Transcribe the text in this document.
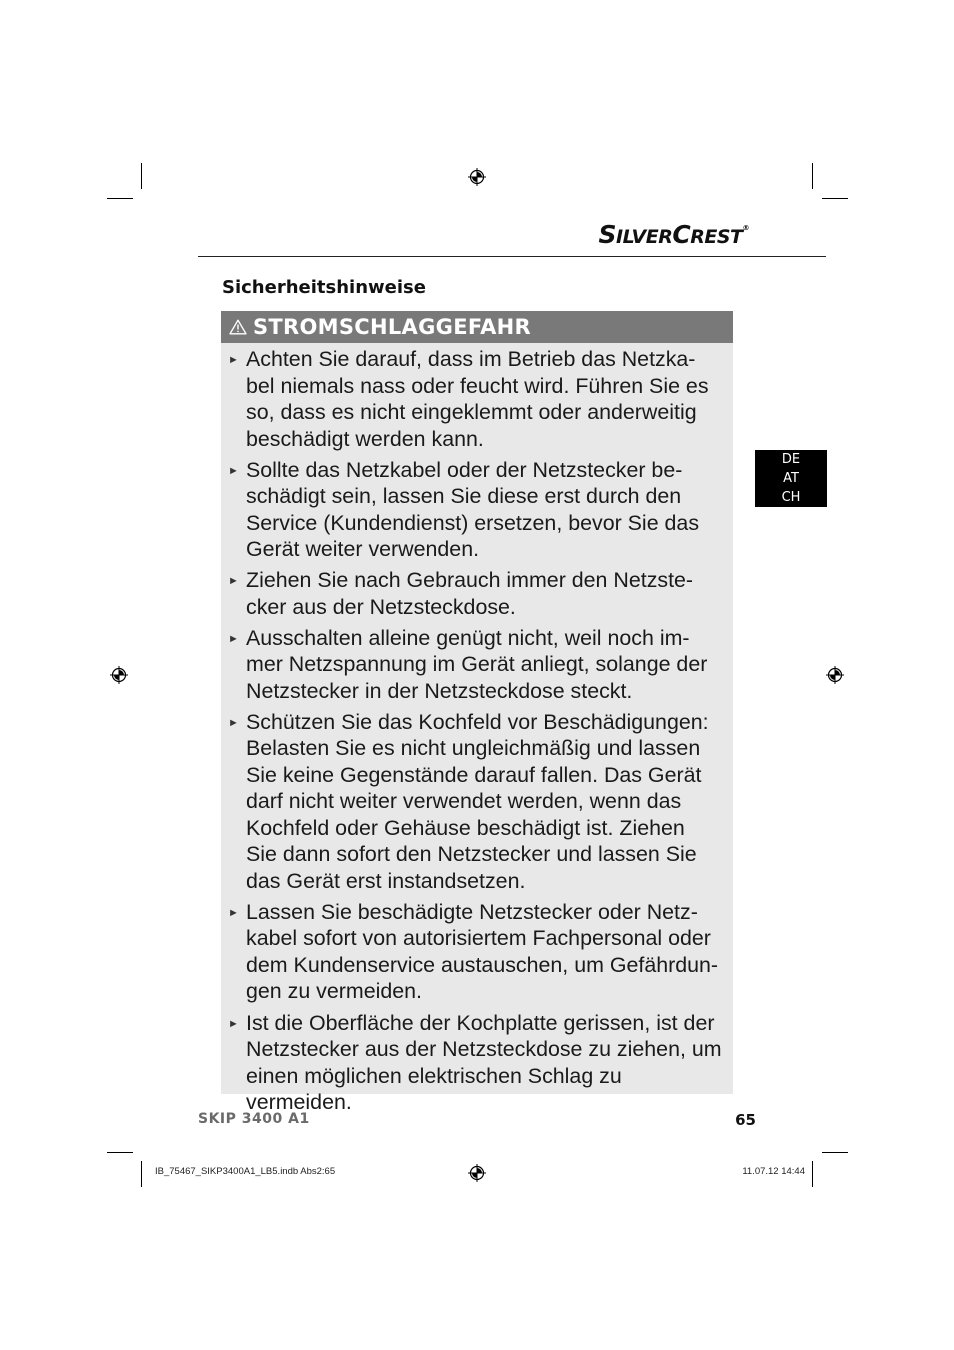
SILVERCREST®
Sicherheitshinweise
STROMSCHLAGGEFAHR
► Achten Sie darauf, dass im Betrieb das Netzka-
bel niemals nass oder feucht wird. Führen Sie es
so, dass es nicht eingeklemmt oder anderweitig
beschädigt werden kann.
► Sollte das Netzkabel oder der Netzstecker be-
schädigt sein, lassen Sie diese erst durch den
Service (Kundendienst) ersetzen, bevor Sie das
Gerät weiter verwenden.
► Ziehen Sie nach Gebrauch immer den Netzste-
cker aus der Netzsteckdose.
► Ausschalten alleine genügt nicht, weil noch im-
mer Netzspannung im Gerät anliegt, solange der
Netzstecker in der Netzsteckdose steckt.
► Schützen Sie das Kochfeld vor Beschädigungen:
Belasten Sie es nicht ungleichmäßig und lassen
Sie keine Gegenstände darauf fallen. Das Gerät
darf nicht weiter verwendet werden, wenn das
Kochfeld oder Gehäuse beschädigt ist. Ziehen
Sie dann sofort den Netzstecker und lassen Sie
das Gerät erst instandsetzen.
► Lassen Sie beschädigte Netzstecker oder Netz-
kabel sofort von autorisiertem Fachpersonal oder
dem Kundenservice austauschen, um Gefährdun-
gen zu vermeiden.
► Ist die Oberfläche der Kochplatte gerissen, ist der
Netzstecker aus der Netzsteckdose zu ziehen, um
einen möglichen elektrischen Schlag zu vermeiden.
DE
AT
CH
SKIP 3400 A1	65
IB_75467_SIKP3400A1_LB5.indb Abs2:65	11.07.12 14:44
